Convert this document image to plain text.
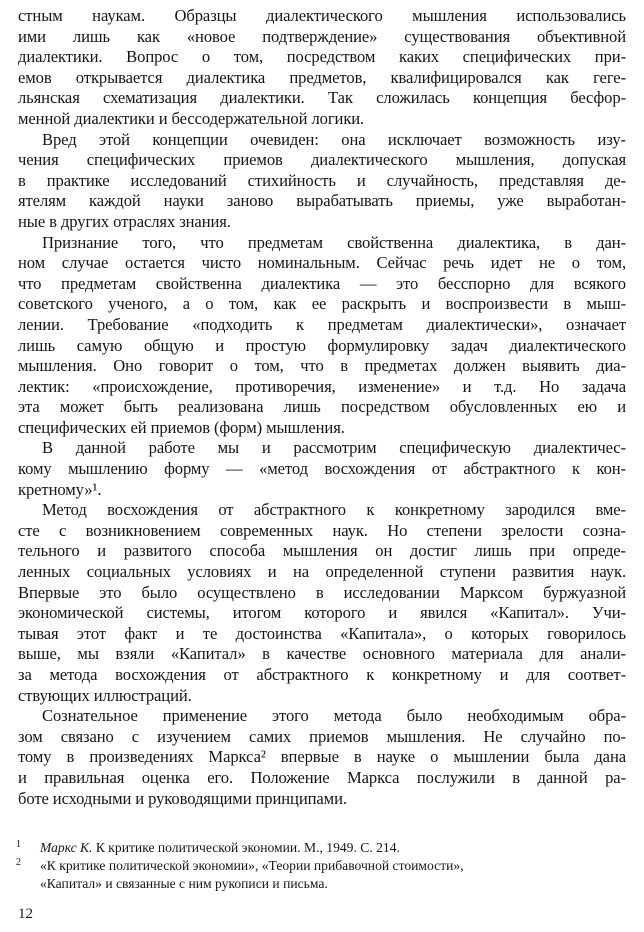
стным наукам. Образцы диалектического мышления использовались
ими лишь как «новое подтверждение» существования объективной
диалектики. Вопрос о том, посредством каких специфических при-
емов открывается диалектика предметов, квалифицировался как геге-
льянская схематизация диалектики. Так сложилась концепция бесфор-
менной диалектики и бессодержательной логики.
Вред этой концепции очевиден: она исключает возможность изу-
чения специфических приемов диалектического мышления, допуская
в практике исследований стихийность и случайность, представляя де-
ятелям каждой науки заново вырабатывать приемы, уже выработан-
ные в других отраслях знания.
Признание того, что предметам свойственна диалектика, в дан-
ном случае остается чисто номинальным. Сейчас речь идет не о том,
что предметам свойственна диалектика — это бесспорно для всякого
советского ученого, а о том, как ее раскрыть и воспроизвести в мыш-
лении. Требование «подходить к предметам диалектически», означает
лишь самую общую и простую формулировку задач диалектического
мышления. Оно говорит о том, что в предметах должен выявить диа-
лектик: «происхождение, противоречия, изменение» и т.д. Но задача
эта может быть реализована лишь посредством обусловленных ею и
специфических ей приемов (форм) мышления.
В данной работе мы и рассмотрим специфическую диалектичес-
кому мышлению форму — «метод восхождения от абстрактного к кон-
кретному»¹.
Метод восхождения от абстрактного к конкретному зародился вме-
сте с возникновением современных наук. Но степени зрелости созна-
тельного и развитого способа мышления он достиг лишь при опреде-
ленных социальных условиях и на определенной ступени развития наук.
Впервые это было осуществлено в исследовании Марксом буржуазной
экономической системы, итогом которого и явился «Капитал». Учи-
тывая этот факт и те достоинства «Капитала», о которых говорилось
выше, мы взяли «Капитал» в качестве основного материала для анали-
за метода восхождения от абстрактного к конкретному и для соответ-
ствующих иллюстраций.
Сознательное применение этого метода было необходимым обра-
зом связано с изучением самих приемов мышления. Не случайно по-
тому в произведениях Маркса² впервые в науке о мышлении была дана
и правильная оценка его. Положение Маркса послужили в данной ра-
боте исходными и руководящими принципами.
1 Маркс К. К критике политической экономии. М., 1949. С. 214.
2 «К критике политической экономии», «Теории прибавочной стоимости»,
«Капитал» и связанные с ним рукописи и письма.
12
